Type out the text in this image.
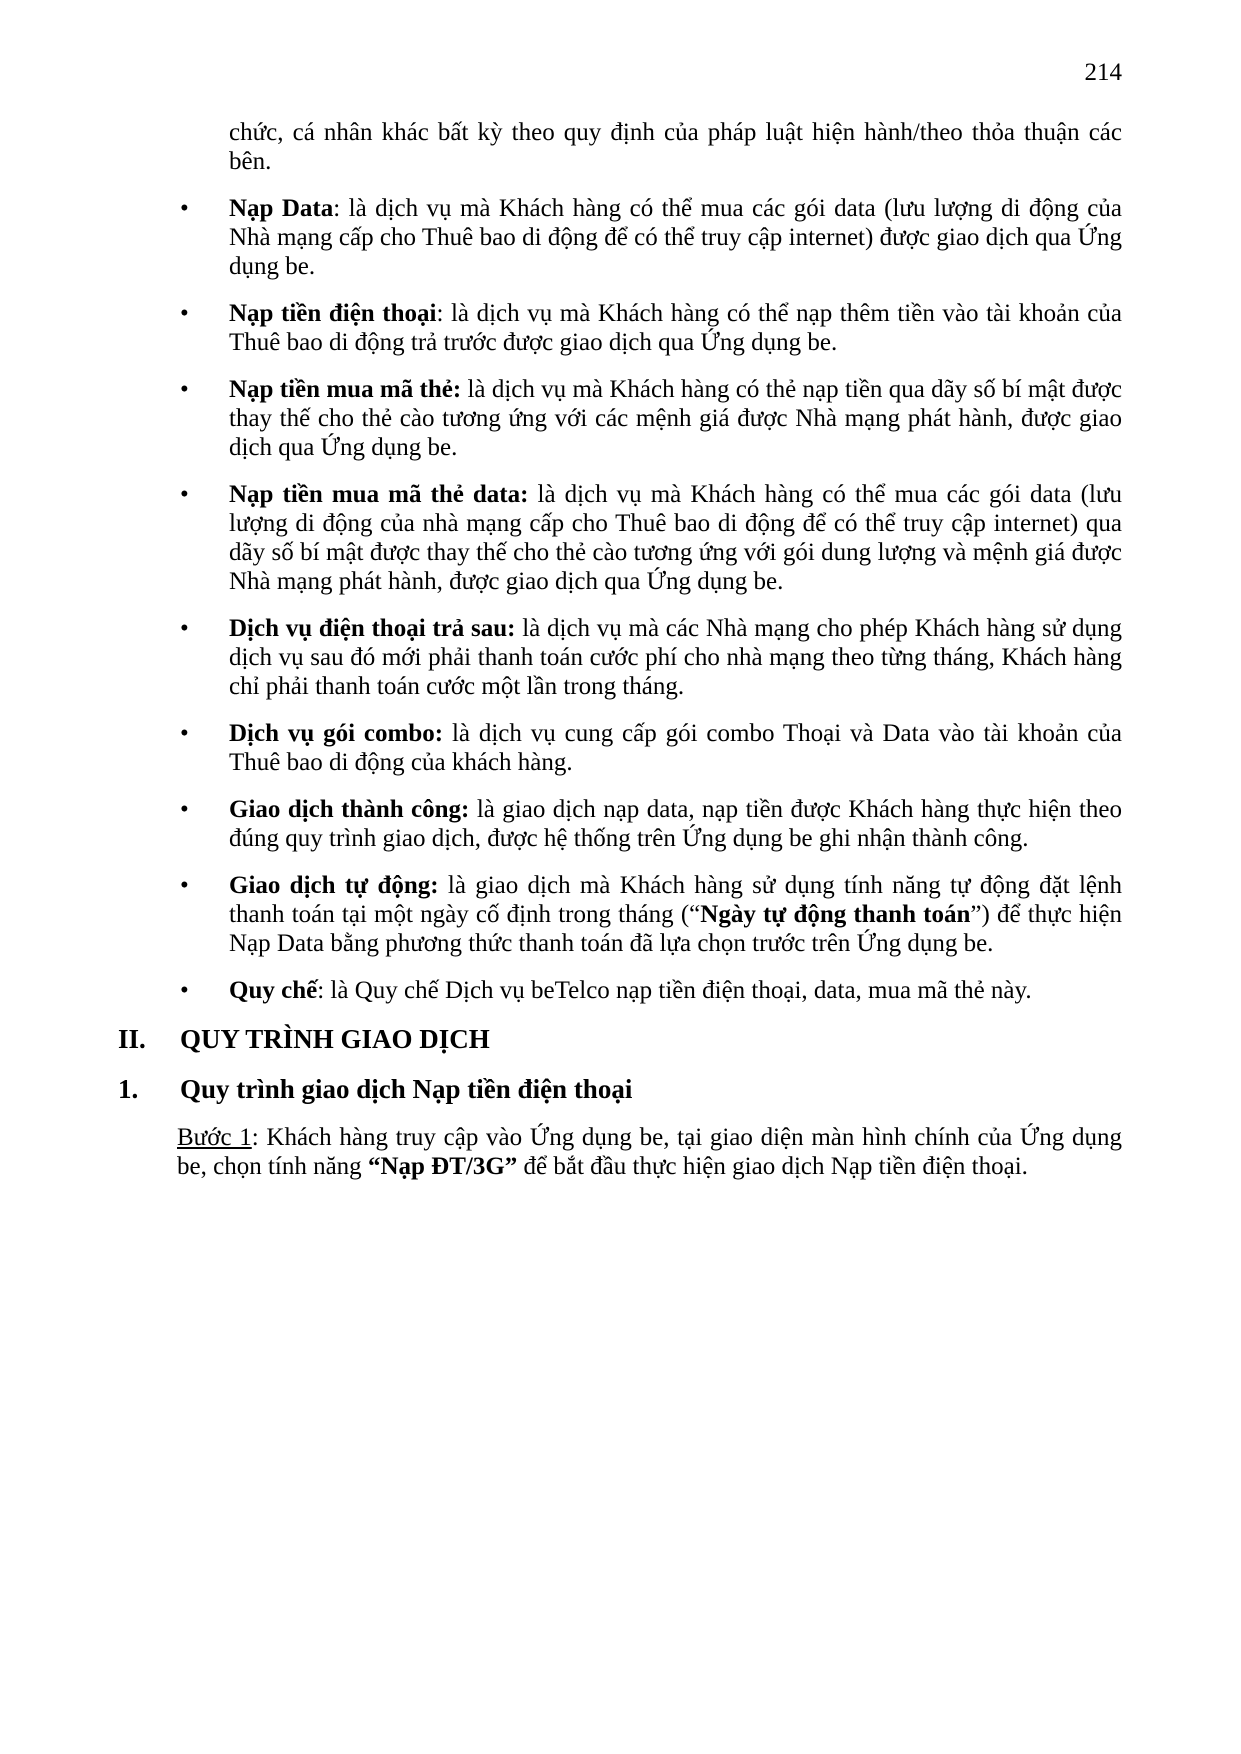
214

chức, cá nhân khác bất kỳ theo quy định của pháp luật hiện hành/theo thỏa thuận các bên.

•	Nạp Data: là dịch vụ mà Khách hàng có thể mua các gói data (lưu lượng di động của Nhà mạng cấp cho Thuê bao di động để có thể truy cập internet) được giao dịch qua Ứng dụng be.
•	Nạp tiền điện thoại: là dịch vụ mà Khách hàng có thể nạp thêm tiền vào tài khoản của Thuê bao di động trả trước được giao dịch qua Ứng dụng be.
•	Nạp tiền mua mã thẻ: là dịch vụ mà Khách hàng có thẻ nạp tiền qua dãy số bí mật được thay thế cho thẻ cào tương ứng với các mệnh giá được Nhà mạng phát hành, được giao dịch qua Ứng dụng be.
•	Nạp tiền mua mã thẻ data: là dịch vụ mà Khách hàng có thể mua các gói data (lưu lượng di động của nhà mạng cấp cho Thuê bao di động để có thể truy cập internet) qua dãy số bí mật được thay thế cho thẻ cào tương ứng với gói dung lượng và mệnh giá được Nhà mạng phát hành, được giao dịch qua Ứng dụng be.
•	Dịch vụ điện thoại trả sau: là dịch vụ mà các Nhà mạng cho phép Khách hàng sử dụng dịch vụ sau đó mới phải thanh toán cước phí cho nhà mạng theo từng tháng, Khách hàng chỉ phải thanh toán cước một lần trong tháng.
•	Dịch vụ gói combo: là dịch vụ cung cấp gói combo Thoại và Data vào tài khoản của Thuê bao di động của khách hàng.
•	Giao dịch thành công: là giao dịch nạp data, nạp tiền được Khách hàng thực hiện theo đúng quy trình giao dịch, được hệ thống trên Ứng dụng be ghi nhận thành công.
•	Giao dịch tự động: là giao dịch mà Khách hàng sử dụng tính năng tự động đặt lệnh thanh toán tại một ngày cố định trong tháng (“Ngày tự động thanh toán”) để thực hiện Nạp Data bằng phương thức thanh toán đã lựa chọn trước trên Ứng dụng be.
•	Quy chế: là Quy chế Dịch vụ beTelco nạp tiền điện thoại, data, mua mã thẻ này.
II. QUY TRÌNH GIAO DỊCH
1. Quy trình giao dịch Nạp tiền điện thoại

Bước 1: Khách hàng truy cập vào Ứng dụng be, tại giao diện màn hình chính của Ứng dụng be, chọn tính năng “Nạp ĐT/3G” để bắt đầu thực hiện giao dịch Nạp tiền điện thoại.
